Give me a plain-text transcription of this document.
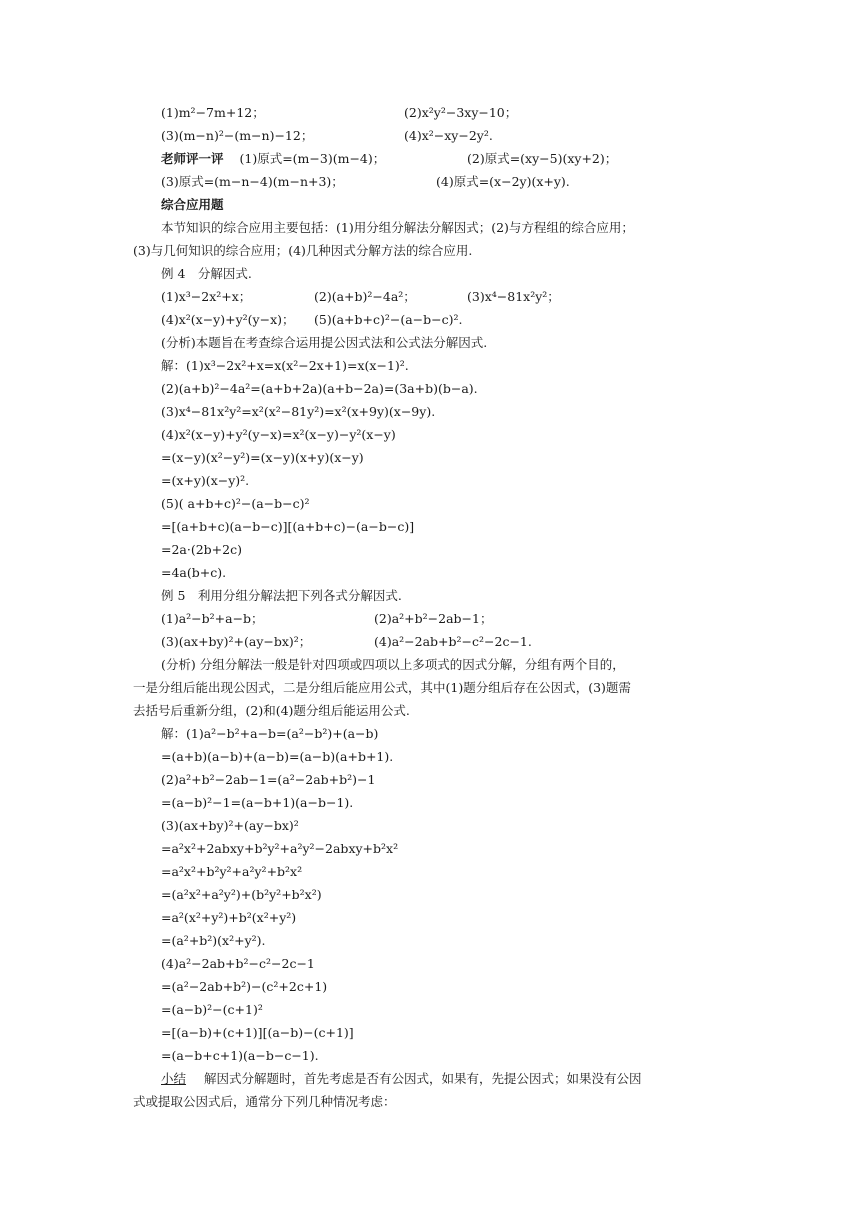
(1)m²−7m+12；	(2)x²y²−3xy−10；
(3)(m−n)²−(m−n)−12；	(4)x²−xy−2y².
老师评一评 (1)原式=(m−3)(m−4)；	(2)原式=(xy−5)(xy+2)；
(3)原式=(m−n−4)(m−n+3)；	(4)原式=(x−2y)(x+y).
综合应用题
本节知识的综合应用主要包括：(1)用分组分解法分解因式；(2)与方程组的综合应用；
(3)与几何知识的综合应用；(4)几种因式分解方法的综合应用.
例 4　分解因式.
(1)x³−2x²+x；	(2)(a+b)²−4a²；	(3)x⁴−81x²y²；
(4)x²(x−y)+y²(y−x)； (5)(a+b+c)²−(a−b−c)².
(分析)本题旨在考查综合运用提公因式法和公式法分解因式.
解：(1)x³−2x²+x=x(x²−2x+1)=x(x−1)².
(2)(a+b)²−4a²=(a+b+2a)(a+b−2a)=(3a+b)(b−a).
(3)x⁴−81x²y²=x²(x²−81y²)=x²(x+9y)(x−9y).
(4)x²(x−y)+y²(y−x)=x²(x−y)−y²(x−y)
=(x−y)(x²−y²)=(x−y)(x+y)(x−y)
=(x+y)(x−y)².
(5)( a+b+c)²−(a−b−c)²
=[(a+b+c)(a−b−c)][(a+b+c)−(a−b−c)]
=2a·(2b+2c)
=4a(b+c).
例 5　利用分组分解法把下列各式分解因式.
(1)a²−b²+a−b；	(2)a²+b²−2ab−1；
(3)(ax+by)²+(ay−bx)²；	(4)a²−2ab+b²−c²−2c−1.
(分析) 分组分解法一般是针对四项或四项以上多项式的因式分解，分组有两个目的，
一是分组后能出现公因式，二是分组后能应用公式，其中(1)题分组后存在公因式，(3)题需
去括号后重新分组，(2)和(4)题分组后能运用公式.
解：(1)a²−b²+a−b=(a²−b²)+(a−b)
=(a+b)(a−b)+(a−b)=(a−b)(a+b+1).
(2)a²+b²−2ab−1=(a²−2ab+b²)−1
=(a−b)²−1=(a−b+1)(a−b−1).
(3)(ax+by)²+(ay−bx)²
=a²x²+2abxy+b²y²+a²y²−2abxy+b²x²
=a²x²+b²y²+a²y²+b²x²
=(a²x²+a²y²)+(b²y²+b²x²)
=a²(x²+y²)+b²(x²+y²)
=(a²+b²)(x²+y²).
(4)a²−2ab+b²−c²−2c−1
=(a²−2ab+b²)−(c²+2c+1)
=(a−b)²−(c+1)²
=[(a−b)+(c+1)][(a−b)−(c+1)]
=(a−b+c+1)(a−b−c−1).
小结 解因式分解题时，首先考虑是否有公因式，如果有，先提公因式；如果没有公因
式或提取公因式后，通常分下列几种情况考虑：
